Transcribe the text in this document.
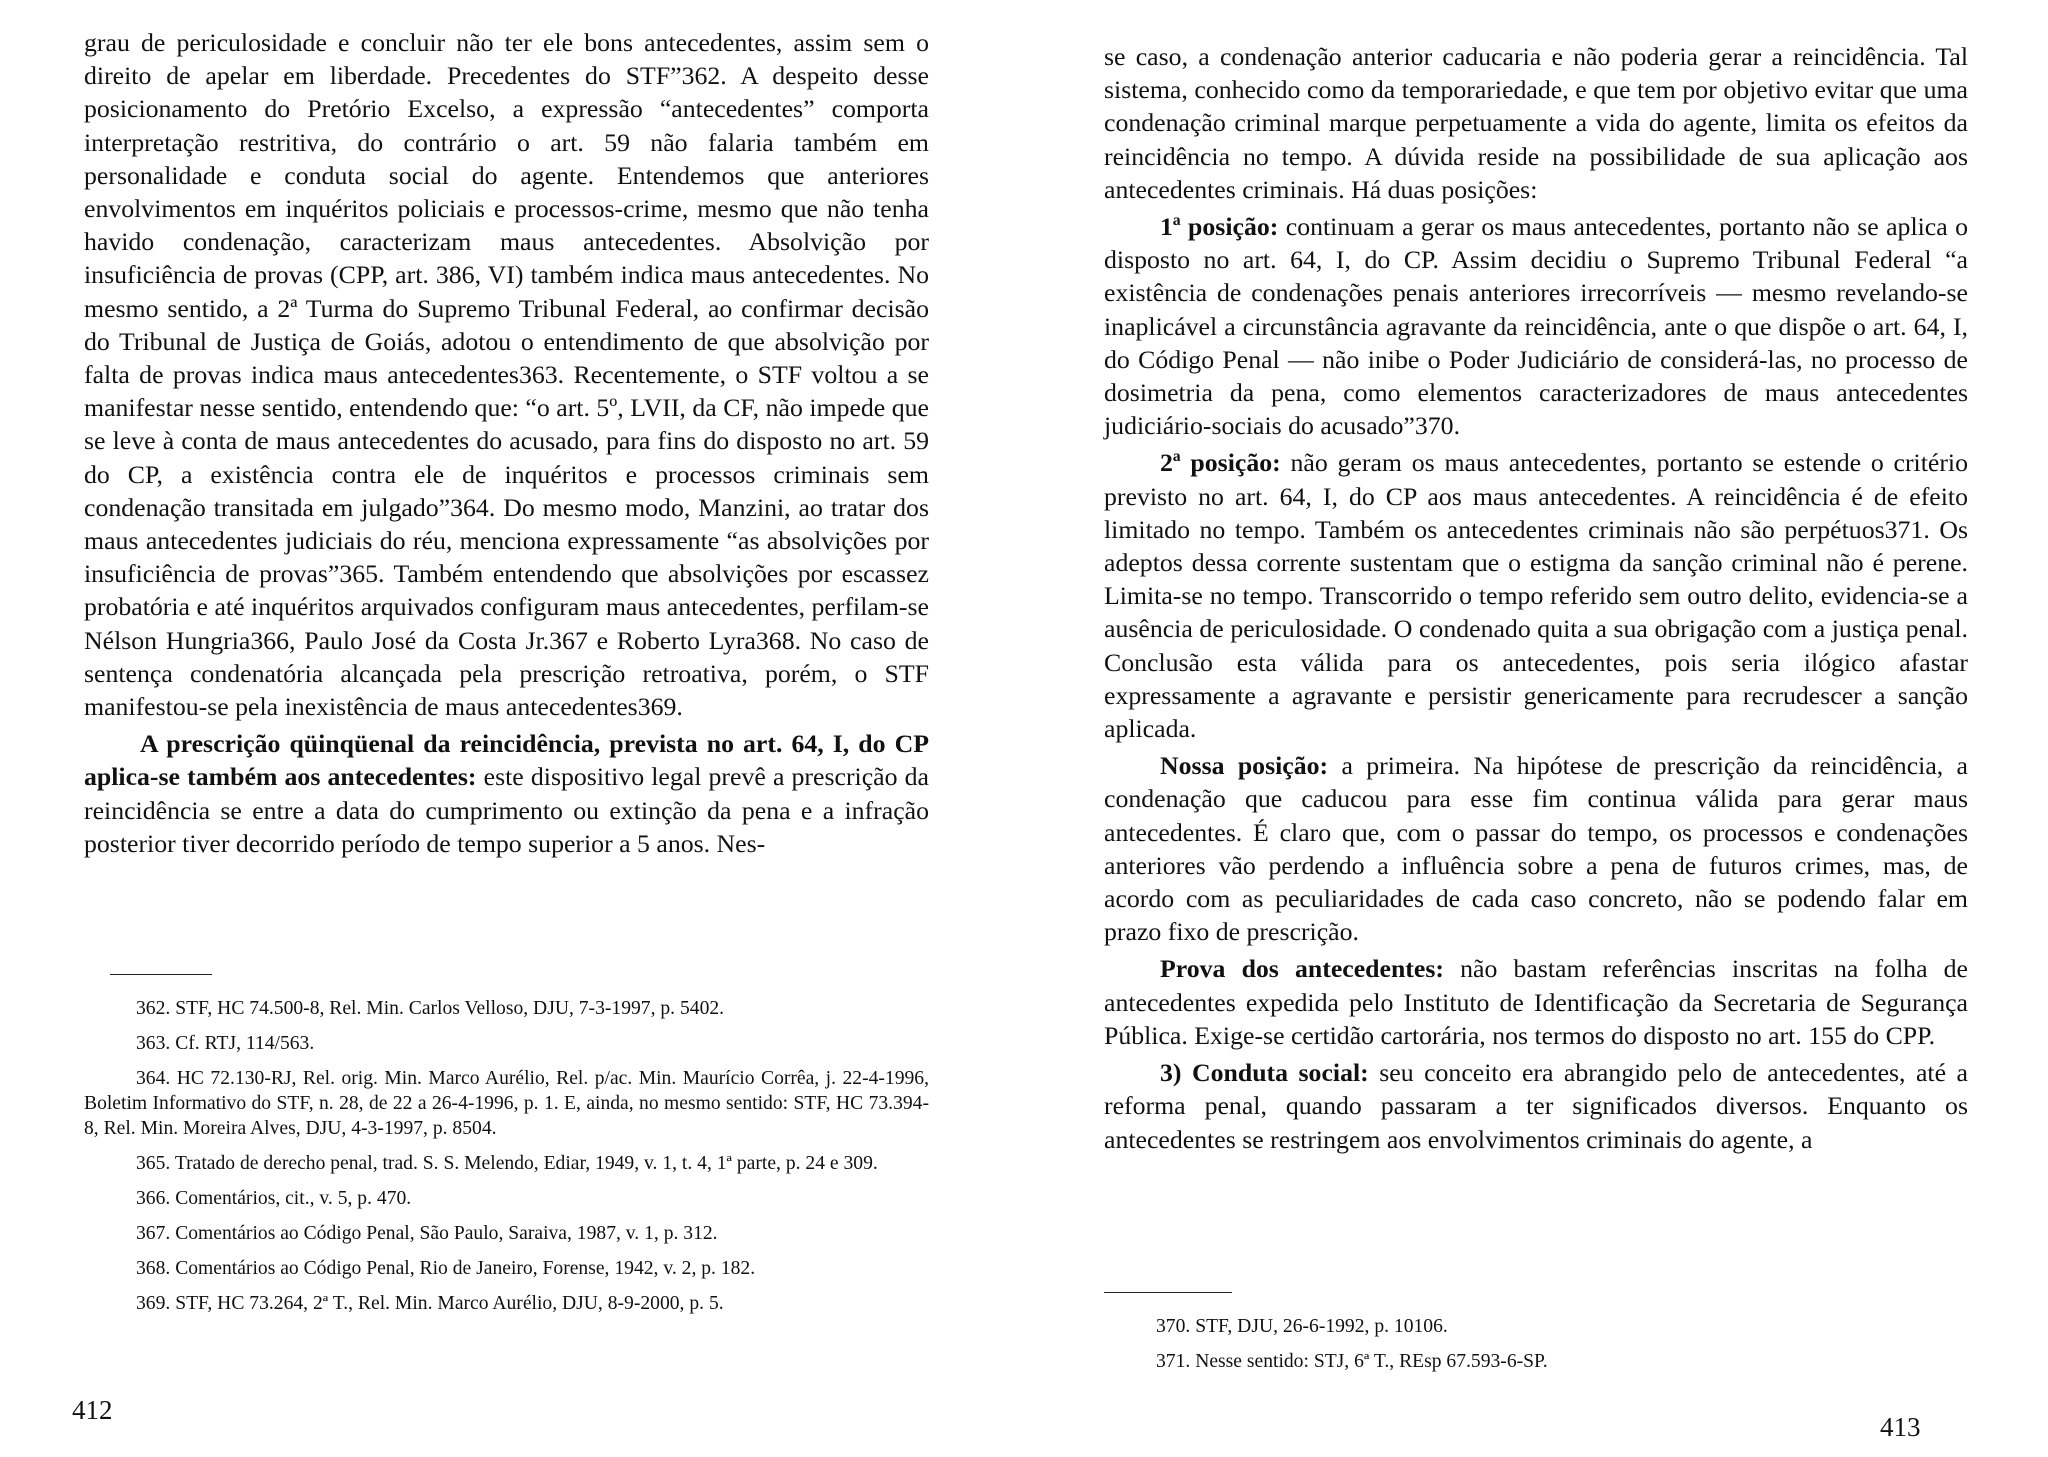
grau de periculosidade e concluir não ter ele bons antecedentes, assim sem o direito de apelar em liberdade. Precedentes do STF”362. A despeito desse posicionamento do Pretório Excelso, a expressão “antecedentes” comporta interpretação restritiva, do contrário o art. 59 não falaria também em personalidade e conduta social do agente. Entendemos que anteriores envolvimentos em inquéritos policiais e processos-crime, mesmo que não tenha havido condenação, caracterizam maus antecedentes. Absolvição por insuficiência de provas (CPP, art. 386, VI) também indica maus antecedentes. No mesmo sentido, a 2ª Turma do Supremo Tribunal Federal, ao confirmar decisão do Tribunal de Justiça de Goiás, adotou o entendimento de que absolvição por falta de provas indica maus antecedentes363. Recentemente, o STF voltou a se manifestar nesse sentido, entendendo que: “o art. 5º, LVII, da CF, não impede que se leve à conta de maus antecedentes do acusado, para fins do disposto no art. 59 do CP, a existência contra ele de inquéritos e processos criminais sem condenação transitada em julgado”364. Do mesmo modo, Manzini, ao tratar dos maus antecedentes judiciais do réu, menciona expressamente “as absolvições por insuficiência de provas”365. Também entendendo que absolvições por escassez probatória e até inquéritos arquivados configuram maus antecedentes, perfilam-se Nélson Hungria366, Paulo José da Costa Jr.367 e Roberto Lyra368. No caso de sentença condenatória alcançada pela prescrição retroativa, porém, o STF manifestou-se pela inexistência de maus antecedentes369.

A prescrição qüinqüenal da reincidência, prevista no art. 64, I, do CP aplica-se também aos antecedentes: este dispositivo legal prevê a prescrição da reincidência se entre a data do cumprimento ou extinção da pena e a infração posterior tiver decorrido período de tempo superior a 5 anos. Nes-

362. STF, HC 74.500-8, Rel. Min. Carlos Velloso, DJU, 7-3-1997, p. 5402.

363. Cf. RTJ, 114/563.

364. HC 72.130-RJ, Rel. orig. Min. Marco Aurélio, Rel. p/ac. Min. Maurício Corrêa, j. 22-4-1996, Boletim Informativo do STF, n. 28, de 22 a 26-4-1996, p. 1. E, ainda, no mesmo sentido: STF, HC 73.394-8, Rel. Min. Moreira Alves, DJU, 4-3-1997, p. 8504.

365. Tratado de derecho penal, trad. S. S. Melendo, Ediar, 1949, v. 1, t. 4, 1ª parte, p. 24 e 309.

366. Comentários, cit., v. 5, p. 470.

367. Comentários ao Código Penal, São Paulo, Saraiva, 1987, v. 1, p. 312.

368. Comentários ao Código Penal, Rio de Janeiro, Forense, 1942, v. 2, p. 182.

369. STF, HC 73.264, 2ª T., Rel. Min. Marco Aurélio, DJU, 8-9-2000, p. 5.

412

se caso, a condenação anterior caducaria e não poderia gerar a reincidência. Tal sistema, conhecido como da temporariedade, e que tem por objetivo evitar que uma condenação criminal marque perpetuamente a vida do agente, limita os efeitos da reincidência no tempo. A dúvida reside na possibilidade de sua aplicação aos antecedentes criminais. Há duas posições:

1ª posição: continuam a gerar os maus antecedentes, portanto não se aplica o disposto no art. 64, I, do CP. Assim decidiu o Supremo Tribunal Federal “a existência de condenações penais anteriores irrecorríveis — mesmo revelando-se inaplicável a circunstância agravante da reincidência, ante o que dispõe o art. 64, I, do Código Penal — não inibe o Poder Judiciário de considerá-las, no processo de dosimetria da pena, como elementos caracterizadores de maus antecedentes judiciário-sociais do acusado”370.

2ª posição: não geram os maus antecedentes, portanto se estende o critério previsto no art. 64, I, do CP aos maus antecedentes. A reincidência é de efeito limitado no tempo. Também os antecedentes criminais não são perpétuos371. Os adeptos dessa corrente sustentam que o estigma da sanção criminal não é perene. Limita-se no tempo. Transcorrido o tempo referido sem outro delito, evidencia-se a ausência de periculosidade. O condenado quita a sua obrigação com a justiça penal. Conclusão esta válida para os antecedentes, pois seria ilógico afastar expressamente a agravante e persistir genericamente para recrudescer a sanção aplicada.

Nossa posição: a primeira. Na hipótese de prescrição da reincidência, a condenação que caducou para esse fim continua válida para gerar maus antecedentes. É claro que, com o passar do tempo, os processos e condenações anteriores vão perdendo a influência sobre a pena de futuros crimes, mas, de acordo com as peculiaridades de cada caso concreto, não se podendo falar em prazo fixo de prescrição.

Prova dos antecedentes: não bastam referências inscritas na folha de antecedentes expedida pelo Instituto de Identificação da Secretaria de Segurança Pública. Exige-se certidão cartorária, nos termos do disposto no art. 155 do CPP.

3) Conduta social: seu conceito era abrangido pelo de antecedentes, até a reforma penal, quando passaram a ter significados diversos. Enquanto os antecedentes se restringem aos envolvimentos criminais do agente, a

370. STF, DJU, 26-6-1992, p. 10106.

371. Nesse sentido: STJ, 6ª T., REsp 67.593-6-SP.

413
